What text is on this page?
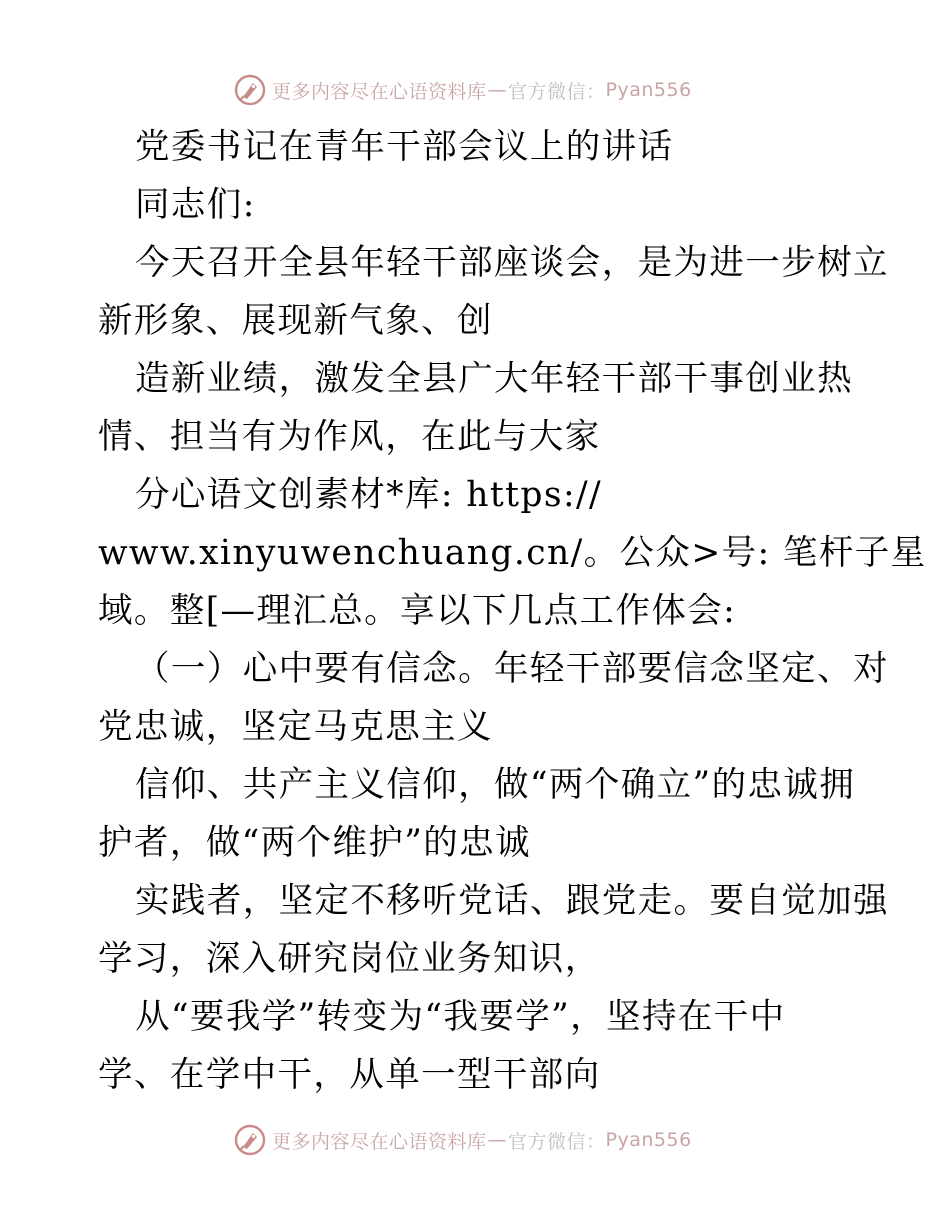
更多内容尽在心语资料库 — 官方微信： Pyan556
党委书记在青年干部会议上的讲话
同志们:
今天召开全县年轻干部座谈会，是为进一步树立
新形象、展现新气象、创
造新业绩，激发全县广大年轻干部干事创业热
情、担当有为作风，在此与大家
分心语文创素材*库: https://
www.xinyuwenchuang.cn/。公众>号: 笔杆子星
域。整[—理汇总。享以下几点工作体会:
（一）心中要有信念。年轻干部要信念坚定、对
党忠诚，坚定马克思主义
信仰、共产主义信仰，做“两个确立”的忠诚拥
护者，做“两个维护”的忠诚
实践者，坚定不移听党话、跟党走。要自觉加强
学习，深入研究岗位业务知识，
从“要我学”转变为“我要学”，坚持在干中
学、在学中干，从单一型干部向
更多内容尽在心语资料库 — 官方微信： Pyan556
